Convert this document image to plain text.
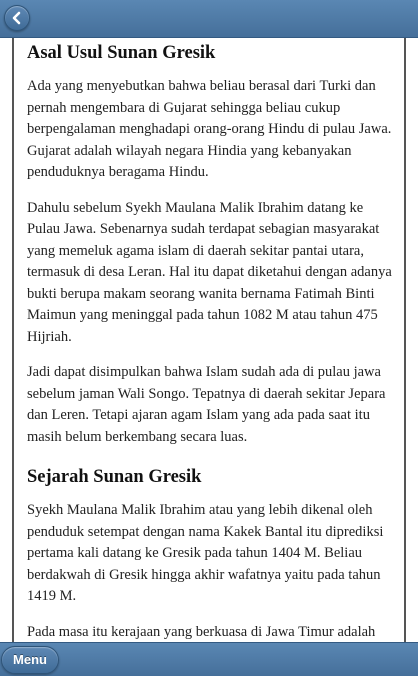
Asal Usul Sunan Gresik

Ada yang menyebutkan bahwa beliau berasal dari Turki dan pernah mengembara di Gujarat sehingga beliau cukup berpengalaman menghadapi orang-orang Hindu di pulau Jawa. Gujarat adalah wilayah negara Hindia yang kebanyakan penduduknya beragama Hindu.

Dahulu sebelum Syekh Maulana Malik Ibrahim datang ke Pulau Jawa. Sebenarnya sudah terdapat sebagian masyarakat yang memeluk agama islam di daerah sekitar pantai utara, termasuk di desa Leran. Hal itu dapat diketahui dengan adanya bukti berupa makam seorang wanita bernama Fatimah Binti Maimun yang meninggal pada tahun 1082 M atau tahun 475 Hijriah.

Jadi dapat disimpulkan bahwa Islam sudah ada di pulau jawa sebelum jaman Wali Songo. Tepatnya di daerah sekitar Jepara dan Leren. Tetapi ajaran agam Islam yang ada pada saat itu masih belum berkembang secara luas.

Sejarah Sunan Gresik

Syekh Maulana Malik Ibrahim atau yang lebih dikenal oleh penduduk setempat dengan nama Kakek Bantal itu diprediksi pertama kali datang ke Gresik pada tahun 1404 M. Beliau berdakwah di Gresik hingga akhir wafatnya yaitu pada tahun 1419 M.

Pada masa itu kerajaan yang berkuasa di Jawa Timur adalah

Menu
